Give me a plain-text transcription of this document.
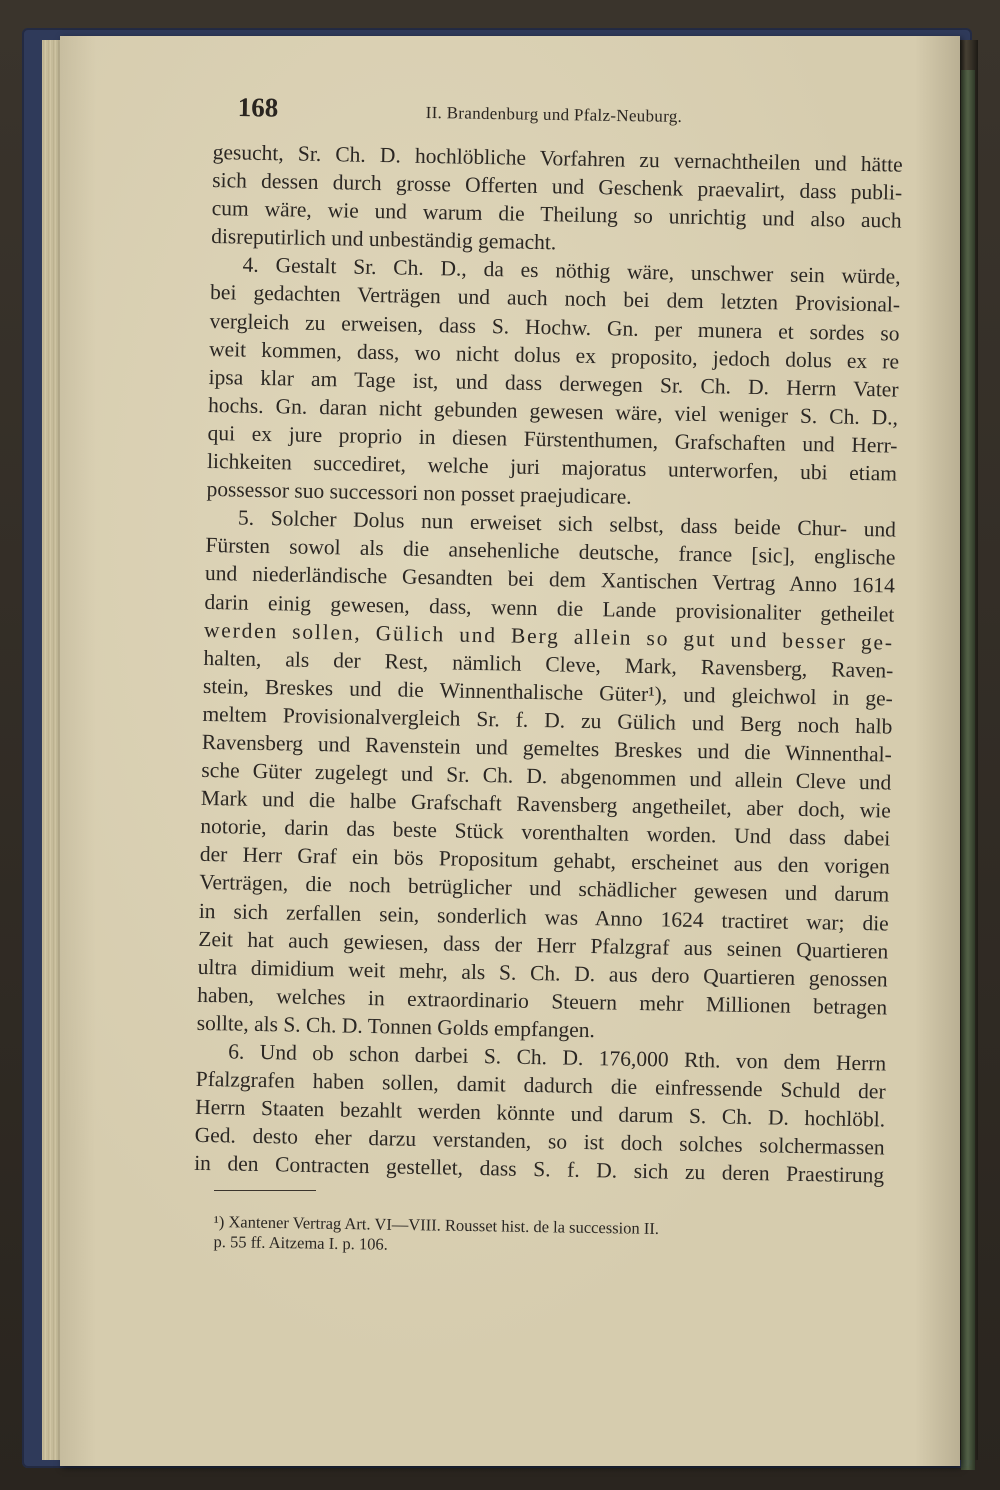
168	II. Brandenburg und Pfalz-Neuburg.
gesucht, Sr. Ch. D. hochlöbliche Vorfahren zu vernachtheilen und hätte
sich dessen durch grosse Offerten und Geschenk praevalirt, dass publi-
cum wäre, wie und warum die Theilung so unrichtig und also auch
disreputirlich und unbeständig gemacht.
4. Gestalt Sr. Ch. D., da es nöthig wäre, unschwer sein würde,
bei gedachten Verträgen und auch noch bei dem letzten Provisional-
vergleich zu erweisen, dass S. Hochw. Gn. per munera et sordes so
weit kommen, dass, wo nicht dolus ex proposito, jedoch dolus ex re
ipsa klar am Tage ist, und dass derwegen Sr. Ch. D. Herrn Vater
hochs. Gn. daran nicht gebunden gewesen wäre, viel weniger S. Ch. D.,
qui ex jure proprio in diesen Fürstenthumen, Grafschaften und Herr-
lichkeiten succediret, welche juri majoratus unterworfen, ubi etiam
possessor suo successori non posset praejudicare.
5. Solcher Dolus nun erweiset sich selbst, dass beide Chur- und
Fürsten sowol als die ansehenliche deutsche, france [sic], englische
und niederländische Gesandten bei dem Xantischen Vertrag Anno 1614
darin einig gewesen, dass, wenn die Lande provisionaliter getheilet
werden sollen, Gülich und Berg allein so gut und besser ge-
halten, als der Rest, nämlich Cleve, Mark, Ravensberg, Raven-
stein, Breskes und die Winnenthalische Güter¹), und gleichwol in ge-
meltem Provisionalvergleich Sr. f. D. zu Gülich und Berg noch halb
Ravensberg und Ravenstein und gemeltes Breskes und die Winnenthal-
sche Güter zugelegt und Sr. Ch. D. abgenommen und allein Cleve und
Mark und die halbe Grafschaft Ravensberg angetheilet, aber doch, wie
notorie, darin das beste Stück vorenthalten worden. Und dass dabei
der Herr Graf ein bös Propositum gehabt, erscheinet aus den vorigen
Verträgen, die noch betrüglicher und schädlicher gewesen und darum
in sich zerfallen sein, sonderlich was Anno 1624 tractiret war; die
Zeit hat auch gewiesen, dass der Herr Pfalzgraf aus seinen Quartieren
ultra dimidium weit mehr, als S. Ch. D. aus dero Quartieren genossen
haben, welches in extraordinario Steuern mehr Millionen betragen
sollte, als S. Ch. D. Tonnen Golds empfangen.
6. Und ob schon darbei S. Ch. D. 176,000 Rth. von dem Herrn
Pfalzgrafen haben sollen, damit dadurch die einfressende Schuld der
Herrn Staaten bezahlt werden könnte und darum S. Ch. D. hochlöbl.
Ged. desto eher darzu verstanden, so ist doch solches solchermassen
in den Contracten gestellet, dass S. f. D. sich zu deren Praestirung
¹) Xantener Vertrag Art. VI—VIII. Rousset hist. de la succession II.
p. 55 ff. Aitzema I. p. 106.
